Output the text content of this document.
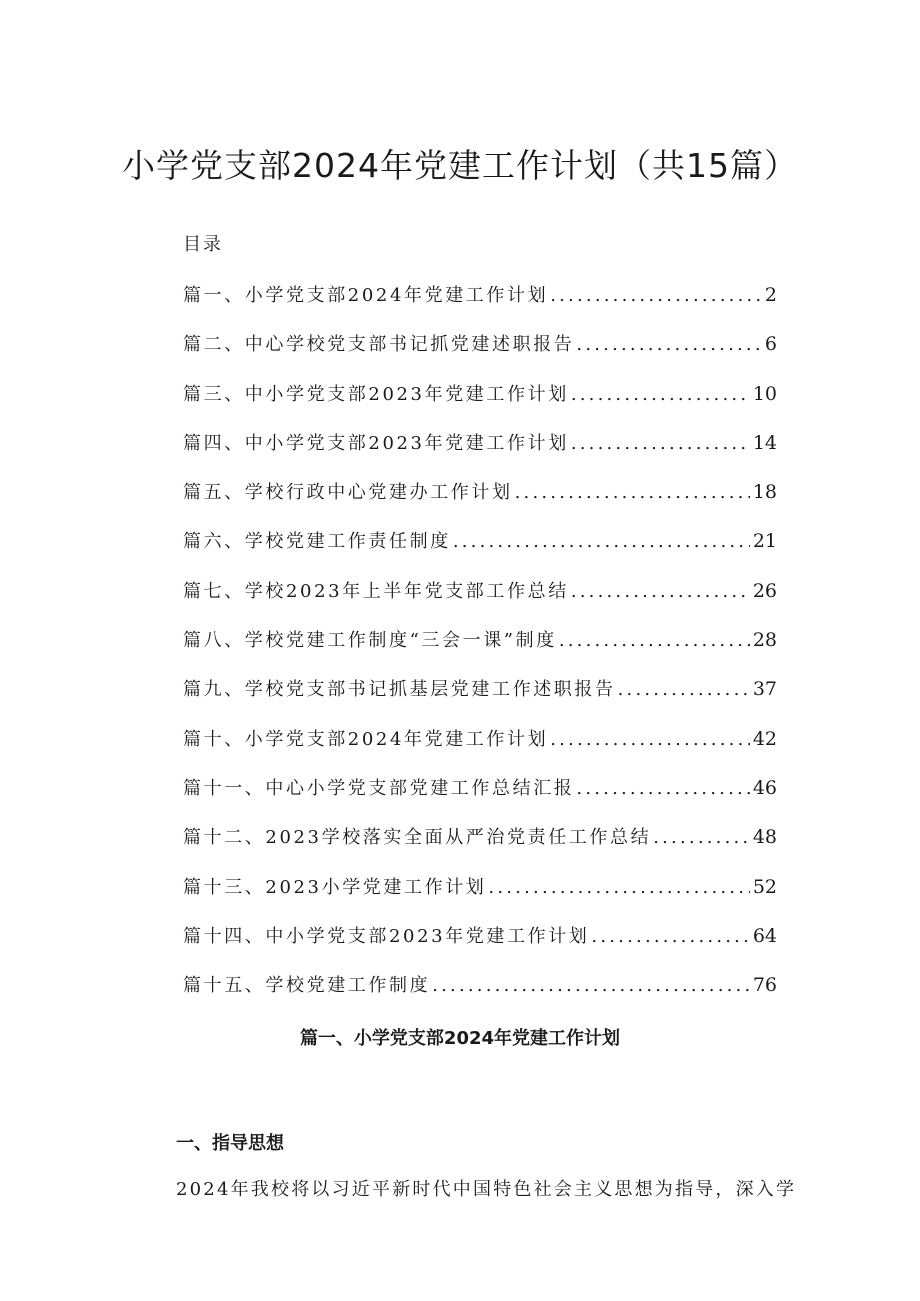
小学党支部2024年党建工作计划（共15篇）
目录
篇一、小学党支部2024年党建工作计划 .....	2
篇二、中心学校党支部书记抓党建述职报告 .....	6
篇三、中小学党支部2023年党建工作计划 .....	10
篇四、中小学党支部2023年党建工作计划 .....	14
篇五、学校行政中心党建办工作计划 .....	18
篇六、学校党建工作责任制度 .....	21
篇七、学校2023年上半年党支部工作总结 .....	26
篇八、学校党建工作制度“三会一课”制度 .....	28
篇九、学校党支部书记抓基层党建工作述职报告 .....	37
篇十、小学党支部2024年党建工作计划 .....	42
篇十一、中心小学党支部党建工作总结汇报 .....	46
篇十二、2023学校落实全面从严治党责任工作总结 .....	48
篇十三、2023小学党建工作计划 .....	52
篇十四、中小学党支部2023年党建工作计划 .....	64
篇十五、学校党建工作制度 .....	76
篇一、小学党支部2024年党建工作计划
一、指导思想

2024年我校将以习近平新时代中国特色社会主义思想为指导，深入学
